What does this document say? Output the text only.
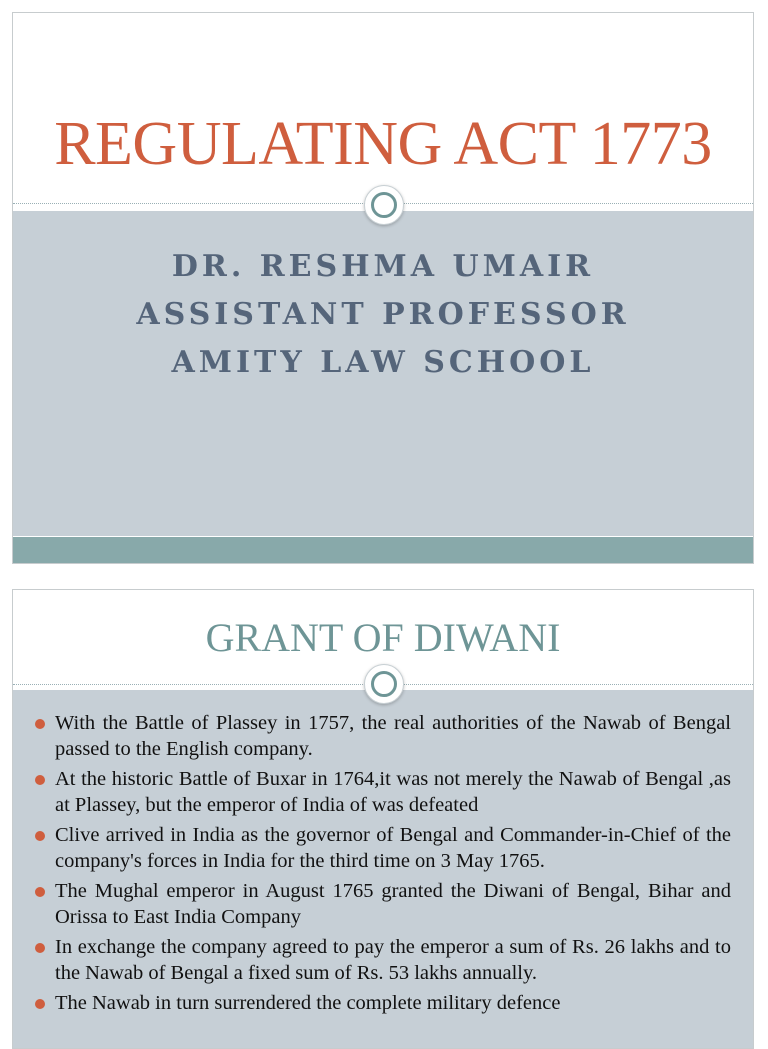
REGULATING ACT 1773
DR. RESHMA UMAIR
ASSISTANT PROFESSOR
AMITY LAW SCHOOL
GRANT OF DIWANI
With the Battle of Plassey in 1757, the real authorities of the Nawab of Bengal passed to the English company.
At the historic Battle of Buxar in 1764,it was not merely the Nawab of Bengal ,as at Plassey, but the emperor of India of was defeated
Clive arrived in India as the governor of Bengal and Commander-in-Chief of the company's forces in India for the third time on 3 May 1765.
The Mughal emperor in August 1765 granted the Diwani of Bengal, Bihar and Orissa to East India Company
In exchange the company agreed to pay the emperor a sum of Rs. 26 lakhs and to the Nawab of Bengal a fixed sum of Rs. 53 lakhs annually.
The Nawab in turn surrendered the complete military defence
